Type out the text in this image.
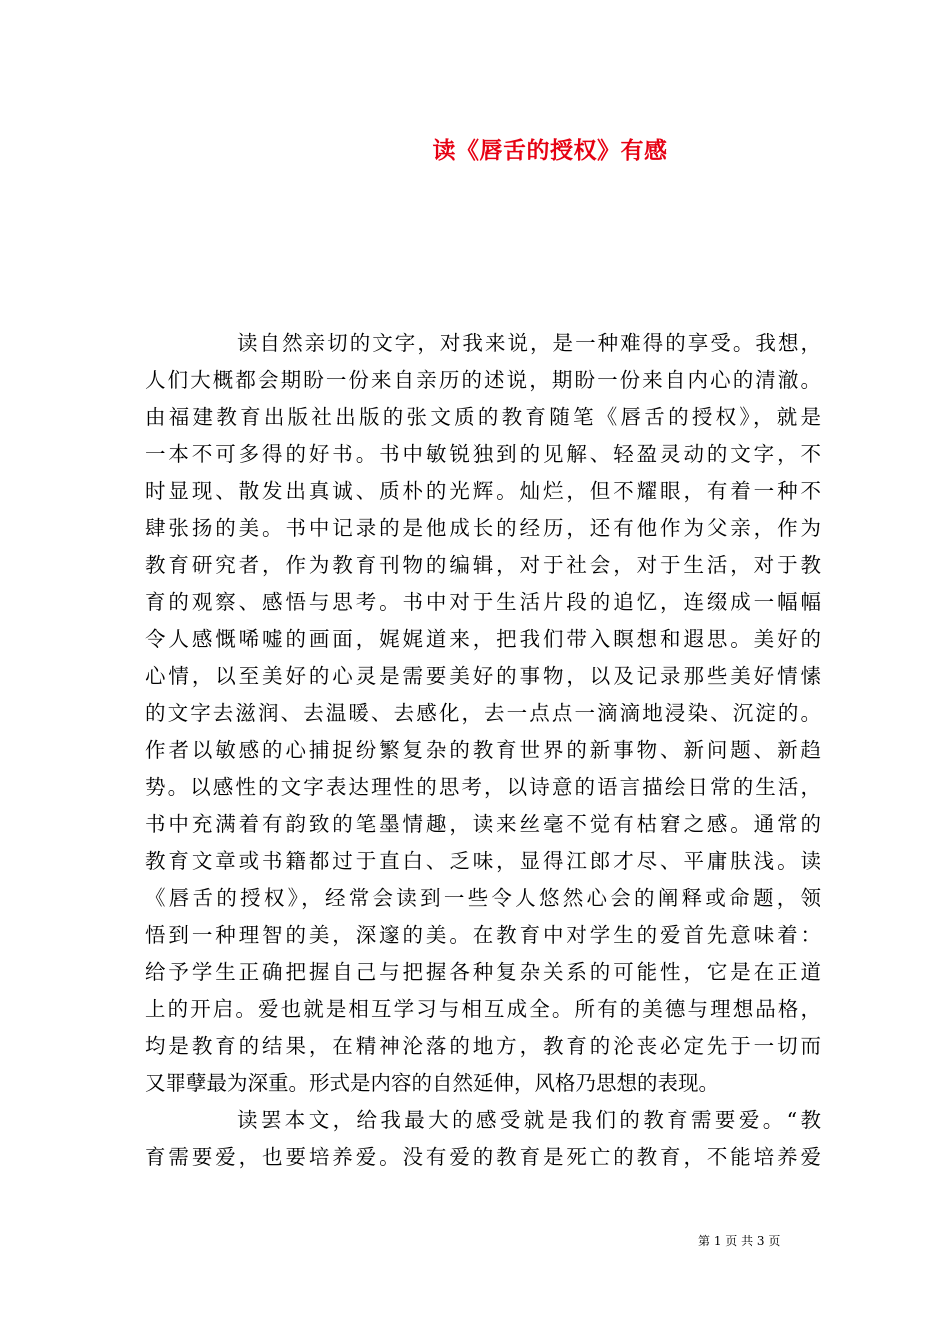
读《唇舌的授权》有感
读自然亲切的文字，对我来说，是一种难得的享受。我想，
人们大概都会期盼一份来自亲历的述说，期盼一份来自内心的清澈。
由福建教育出版社出版的张文质的教育随笔《唇舌的授权》，就是
一本不可多得的好书。书中敏锐独到的见解、轻盈灵动的文字，不
时显现、散发出真诚、质朴的光辉。灿烂，但不耀眼，有着一种不
肆张扬的美。书中记录的是他成长的经历，还有他作为父亲，作为
教育研究者，作为教育刊物的编辑，对于社会，对于生活，对于教
育的观察、感悟与思考。书中对于生活片段的追忆，连缀成一幅幅
令人感慨唏嘘的画面，娓娓道来，把我们带入瞑想和遐思。美好的
心情，以至美好的心灵是需要美好的事物，以及记录那些美好情愫
的文字去滋润、去温暖、去感化，去一点点一滴滴地浸染、沉淀的。
作者以敏感的心捕捉纷繁复杂的教育世界的新事物、新问题、新趋
势。以感性的文字表达理性的思考，以诗意的语言描绘日常的生活，
书中充满着有韵致的笔墨情趣，读来丝毫不觉有枯窘之感。通常的
教育文章或书籍都过于直白、乏味，显得江郎才尽、平庸肤浅。读
《唇舌的授权》，经常会读到一些令人悠然心会的阐释或命题，领
悟到一种理智的美，深邃的美。在教育中对学生的爱首先意味着：
给予学生正确把握自己与把握各种复杂关系的可能性，它是在正道
上的开启。爱也就是相互学习与相互成全。所有的美德与理想品格，
均是教育的结果，在精神沦落的地方，教育的沦丧必定先于一切而
又罪孽最为深重。形式是内容的自然延伸，风格乃思想的表现。
读罢本文，给我最大的感受就是我们的教育需要爱。“教
育需要爱，也要培养爱。没有爱的教育是死亡的教育，不能培养爱
第 1 页 共 3 页
